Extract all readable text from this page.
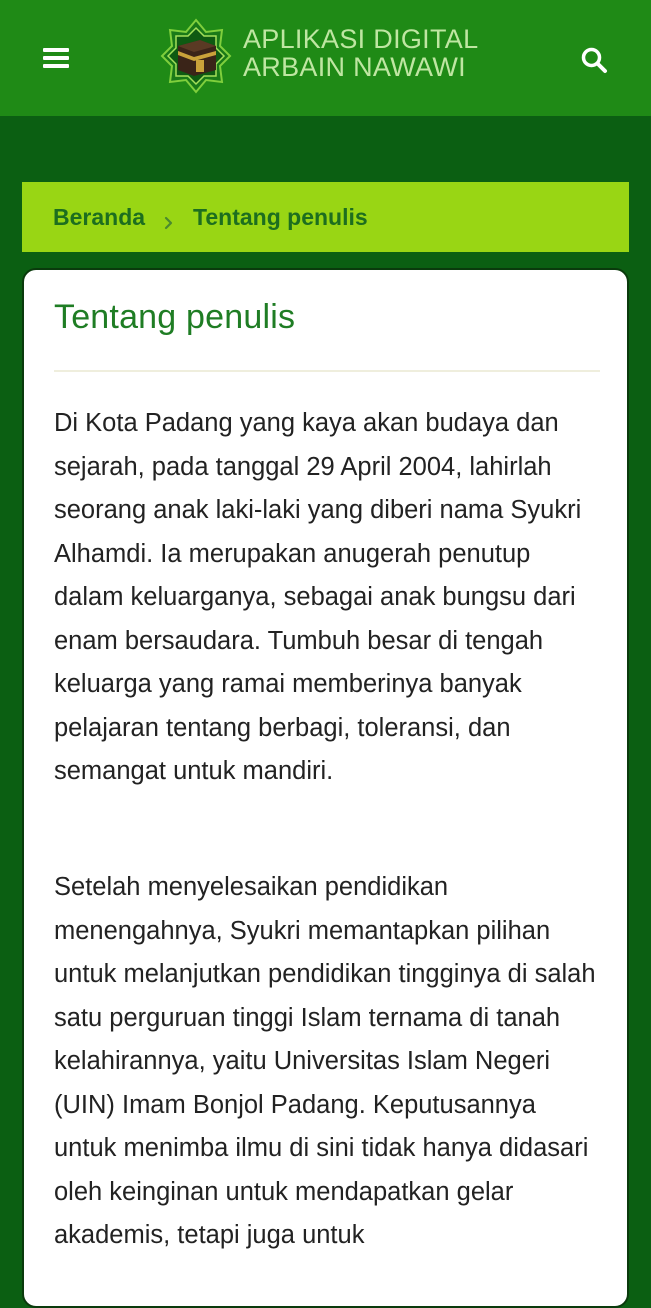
APLIKASI DIGITAL
ARBAIN NAWAWI
Beranda Tentang penulis
Tentang penulis

Di Kota Padang yang kaya akan budaya dan sejarah, pada tanggal 29 April 2004, lahirlah seorang anak laki-laki yang diberi nama Syukri Alhamdi. Ia merupakan anugerah penutup dalam keluarganya, sebagai anak bungsu dari enam bersaudara. Tumbuh besar di tengah keluarga yang ramai memberinya banyak pelajaran tentang berbagi, toleransi, dan semangat untuk mandiri.

Setelah menyelesaikan pendidikan menengahnya, Syukri memantapkan pilihan untuk melanjutkan pendidikan tingginya di salah satu perguruan tinggi Islam ternama di tanah kelahirannya, yaitu Universitas Islam Negeri (UIN) Imam Bonjol Padang. Keputusannya untuk menimba ilmu di sini tidak hanya didasari oleh keinginan untuk mendapatkan gelar akademis, tetapi juga untuk
